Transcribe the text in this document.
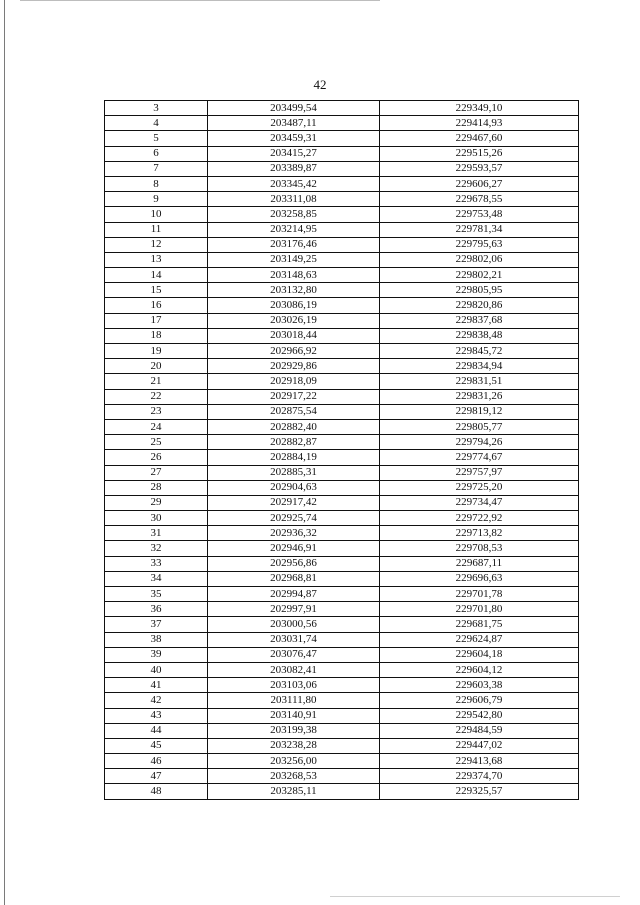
42
3	203499,54	229349,10
4	203487,11	229414,93
5	203459,31	229467,60
6	203415,27	229515,26
7	203389,87	229593,57
8	203345,42	229606,27
9	203311,08	229678,55
10	203258,85	229753,48
11	203214,95	229781,34
12	203176,46	229795,63
13	203149,25	229802,06
14	203148,63	229802,21
15	203132,80	229805,95
16	203086,19	229820,86
17	203026,19	229837,68
18	203018,44	229838,48
19	202966,92	229845,72
20	202929,86	229834,94
21	202918,09	229831,51
22	202917,22	229831,26
23	202875,54	229819,12
24	202882,40	229805,77
25	202882,87	229794,26
26	202884,19	229774,67
27	202885,31	229757,97
28	202904,63	229725,20
29	202917,42	229734,47
30	202925,74	229722,92
31	202936,32	229713,82
32	202946,91	229708,53
33	202956,86	229687,11
34	202968,81	229696,63
35	202994,87	229701,78
36	202997,91	229701,80
37	203000,56	229681,75
38	203031,74	229624,87
39	203076,47	229604,18
40	203082,41	229604,12
41	203103,06	229603,38
42	203111,80	229606,79
43	203140,91	229542,80
44	203199,38	229484,59
45	203238,28	229447,02
46	203256,00	229413,68
47	203268,53	229374,70
48	203285,11	229325,57
